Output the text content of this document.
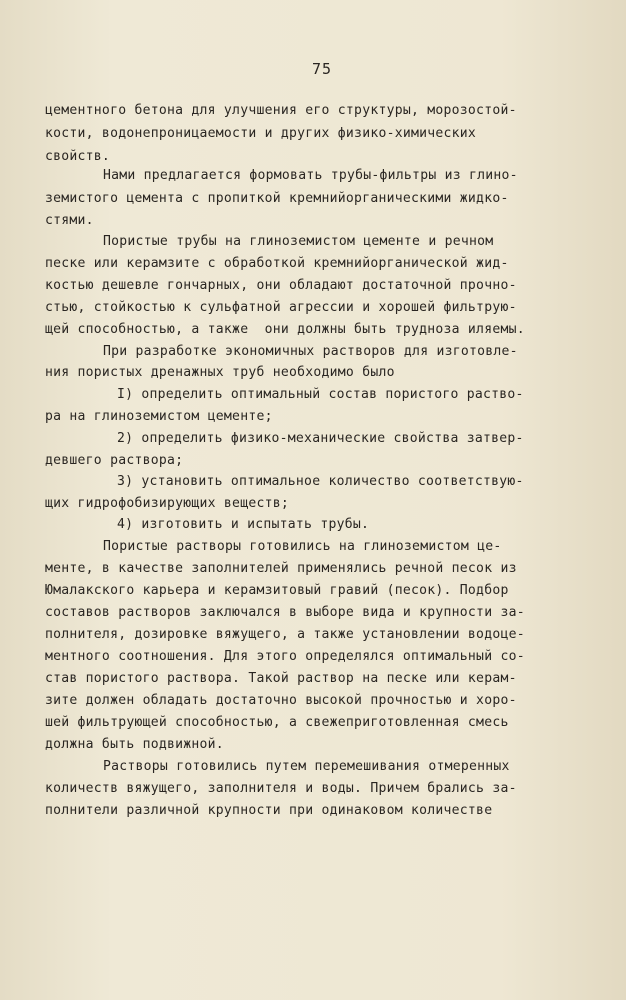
75
цементного бетона для улучшения его структуры, морозостой-
кости, водонепроницаемости и других физико-химических
свойств.
Нами предлагается формовать трубы-фильтры из глино-
земистого цемента с пропиткой кремнийорганическими жидко-
стями.
Пористые трубы на глиноземистом цементе и речном
песке или керамзите с обработкой кремнийорганической жид-
костью дешевле гончарных, они обладают достаточной прочно-
стью, стойкостью к сульфатной агрессии и хорошей фильтрую-
щей способностью, а также  они должны быть трудноза иляемы.
При разработке экономичных растворов для изготовле-
ния пористых дренажных труб необходимо было
I) определить оптимальный состав пористого раство-
ра на глиноземистом цементе;
2) определить физико-механические свойства затвер-
девшего раствора;
3) установить оптимальное количество соответствую-
щих гидрофобизирующих веществ;
4) изготовить и испытать трубы.
Пористые растворы готовились на глиноземистом це-
менте, в качестве заполнителей применялись речной песок из
Юмалакского карьера и керамзитовый гравий (песок). Подбор
составов растворов заключался в выборе вида и крупности за-
полнителя, дозировке вяжущего, а также установлении водоце-
ментного соотношения. Для этого определялся оптимальный со-
став пористого раствора. Такой раствор на песке или керам-
зите должен обладать достаточно высокой прочностью и хоро-
шей фильтрующей способностью, а свежеприготовленная смесь
должна быть подвижной.
Растворы готовились путем перемешивания отмеренных
количеств вяжущего, заполнителя и воды. Причем брались за-
полнители различной крупности при одинаковом количестве
